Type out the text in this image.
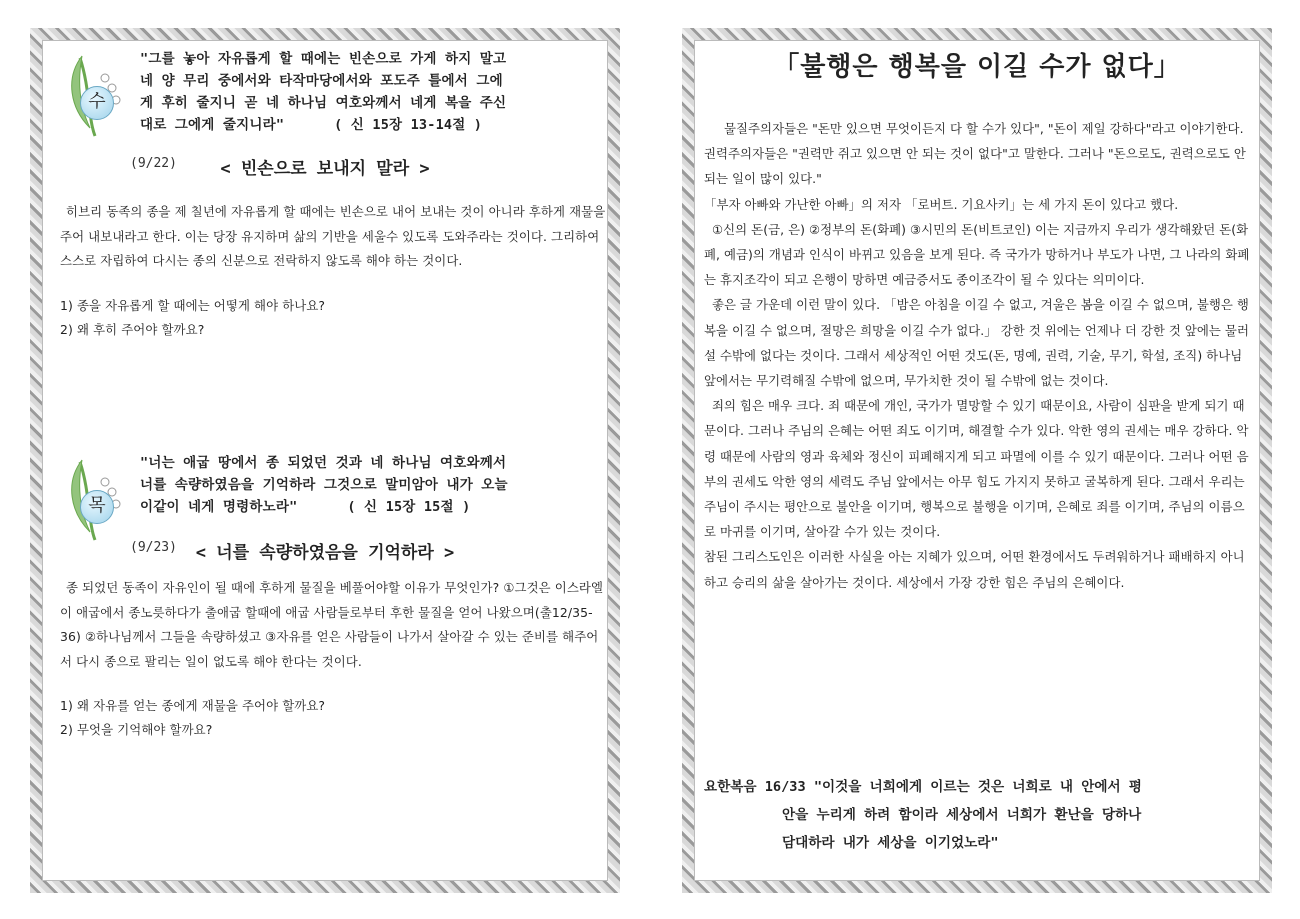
수
"그를 놓아 자유롭게 할 때에는 빈손으로 가게 하지 말고
네 양 무리 중에서와 타작마당에서와 포도주 틀에서 그에
게 후히 줄지니 곧 네 하나님 여호와께서 네게 복을 주신
대로 그에게 줄지니라"	( 신 15장 13-14절 )
(9/22)	< 빈손으로 보내지 말라 >
히브리 동족의 종을 제 칠년에 자유롭게 할 때에는 빈손으로 내어 보내는 것이 아니라 후하게 재물을 주어 내보내라고 한다. 이는 당장 유지하며 삶의 기반을 세울수 있도록 도와주라는 것이다. 그리하여 스스로 자립하여 다시는 종의 신분으로 전락하지 않도록 해야 하는 것이다.
1) 종을 자유롭게 할 때에는 어떻게 해야 하나요?
2) 왜 후히 주어야 할까요?
목
"너는 애굽 땅에서 종 되었던 것과 네 하나님 여호와께서
너를 속량하였음을 기억하라 그것으로 말미암아 내가 오늘
이같이 네게 명령하노라"	( 신 15장 15절 )
(9/23) < 너를 속량하였음을 기억하라 >
종 되었던 동족이 자유인이 될 때에 후하게 물질을 베풀어야할 이유가 무엇인가? ①그것은 이스라엘이 애굽에서 종노릇하다가 출애굽 할때에 애굽 사람들로부터 후한 물질을 얻어 나왔으며(출12/35-36) ②하나님께서 그들을 속량하셨고 ③자유를 얻은 사람들이 나가서 살아갈 수 있는 준비를 해주어서 다시 종으로 팔리는 일이 없도록 해야 한다는 것이다.
1) 왜 자유를 얻는 종에게 재물을 주어야 할까요?
2) 무엇을 기억해야 할까요?
「불행은 행복을 이길 수가 없다」

물질주의자들은 "돈만 있으면 무엇이든지 다 할 수가 있다", "돈이 제일 강하다"라고 이야기한다. 권력주의자들은 "권력만 쥐고 있으면 안 되는 것이 없다"고 말한다. 그러나 "돈으로도, 권력으로도 안되는 일이 많이 있다."

「부자 아빠와 가난한 아빠」의 저자 「로버트. 기요사키」는 세 가지 돈이 있다고 했다.

①신의 돈(금, 은) ②정부의 돈(화폐) ③시민의 돈(비트코인) 이는 지금까지 우리가 생각해왔던 돈(화폐, 예금)의 개념과 인식이 바뀌고 있음을 보게 된다. 즉 국가가 망하거나 부도가 나면, 그 나라의 화폐는 휴지조각이 되고 은행이 망하면 예금증서도 종이조각이 될 수 있다는 의미이다.

좋은 글 가운데 이런 말이 있다. 「밤은 아침을 이길 수 없고, 겨울은 봄을 이길 수 없으며, 불행은 행복을 이길 수 없으며, 절망은 희망을 이길 수가 없다.」 강한 것 위에는 언제나 더 강한 것 앞에는 물러 설 수밖에 없다는 것이다. 그래서 세상적인 어떤 것도(돈, 명예, 권력, 기술, 무기, 학설, 조직) 하나님 앞에서는 무기력해질 수밖에 없으며, 무가치한 것이 될 수밖에 없는 것이다.

죄의 힘은 매우 크다. 죄 때문에 개인, 국가가 멸망할 수 있기 때문이요, 사람이 심판을 받게 되기 때문이다. 그러나 주님의 은혜는 어떤 죄도 이기며, 해결할 수가 있다. 악한 영의 권세는 매우 강하다. 악령 때문에 사람의 영과 육체와 정신이 피폐해지게 되고 파멸에 이를 수 있기 때문이다. 그러나 어떤 음부의 권세도 악한 영의 세력도 주님 앞에서는 아무 힘도 가지지 못하고 굴복하게 된다. 그래서 우리는 주님이 주시는 평안으로 불안을 이기며, 행복으로 불행을 이기며, 은혜로 죄를 이기며, 주님의 이름으로 마귀를 이기며, 살아갈 수가 있는 것이다.

참된 그리스도인은 이러한 사실을 아는 지혜가 있으며, 어떤 환경에서도 두려워하거나 패배하지 아니하고 승리의 삶을 살아가는 것이다. 세상에서 가장 강한 힘은 주님의 은혜이다.

요한복음 16/33 "이것을 너희에게 이르는 것은 너희로 내 안에서 평
안을 누리게 하려 함이라 세상에서 너희가 환난을 당하나
담대하라 내가 세상을 이기었노라"
